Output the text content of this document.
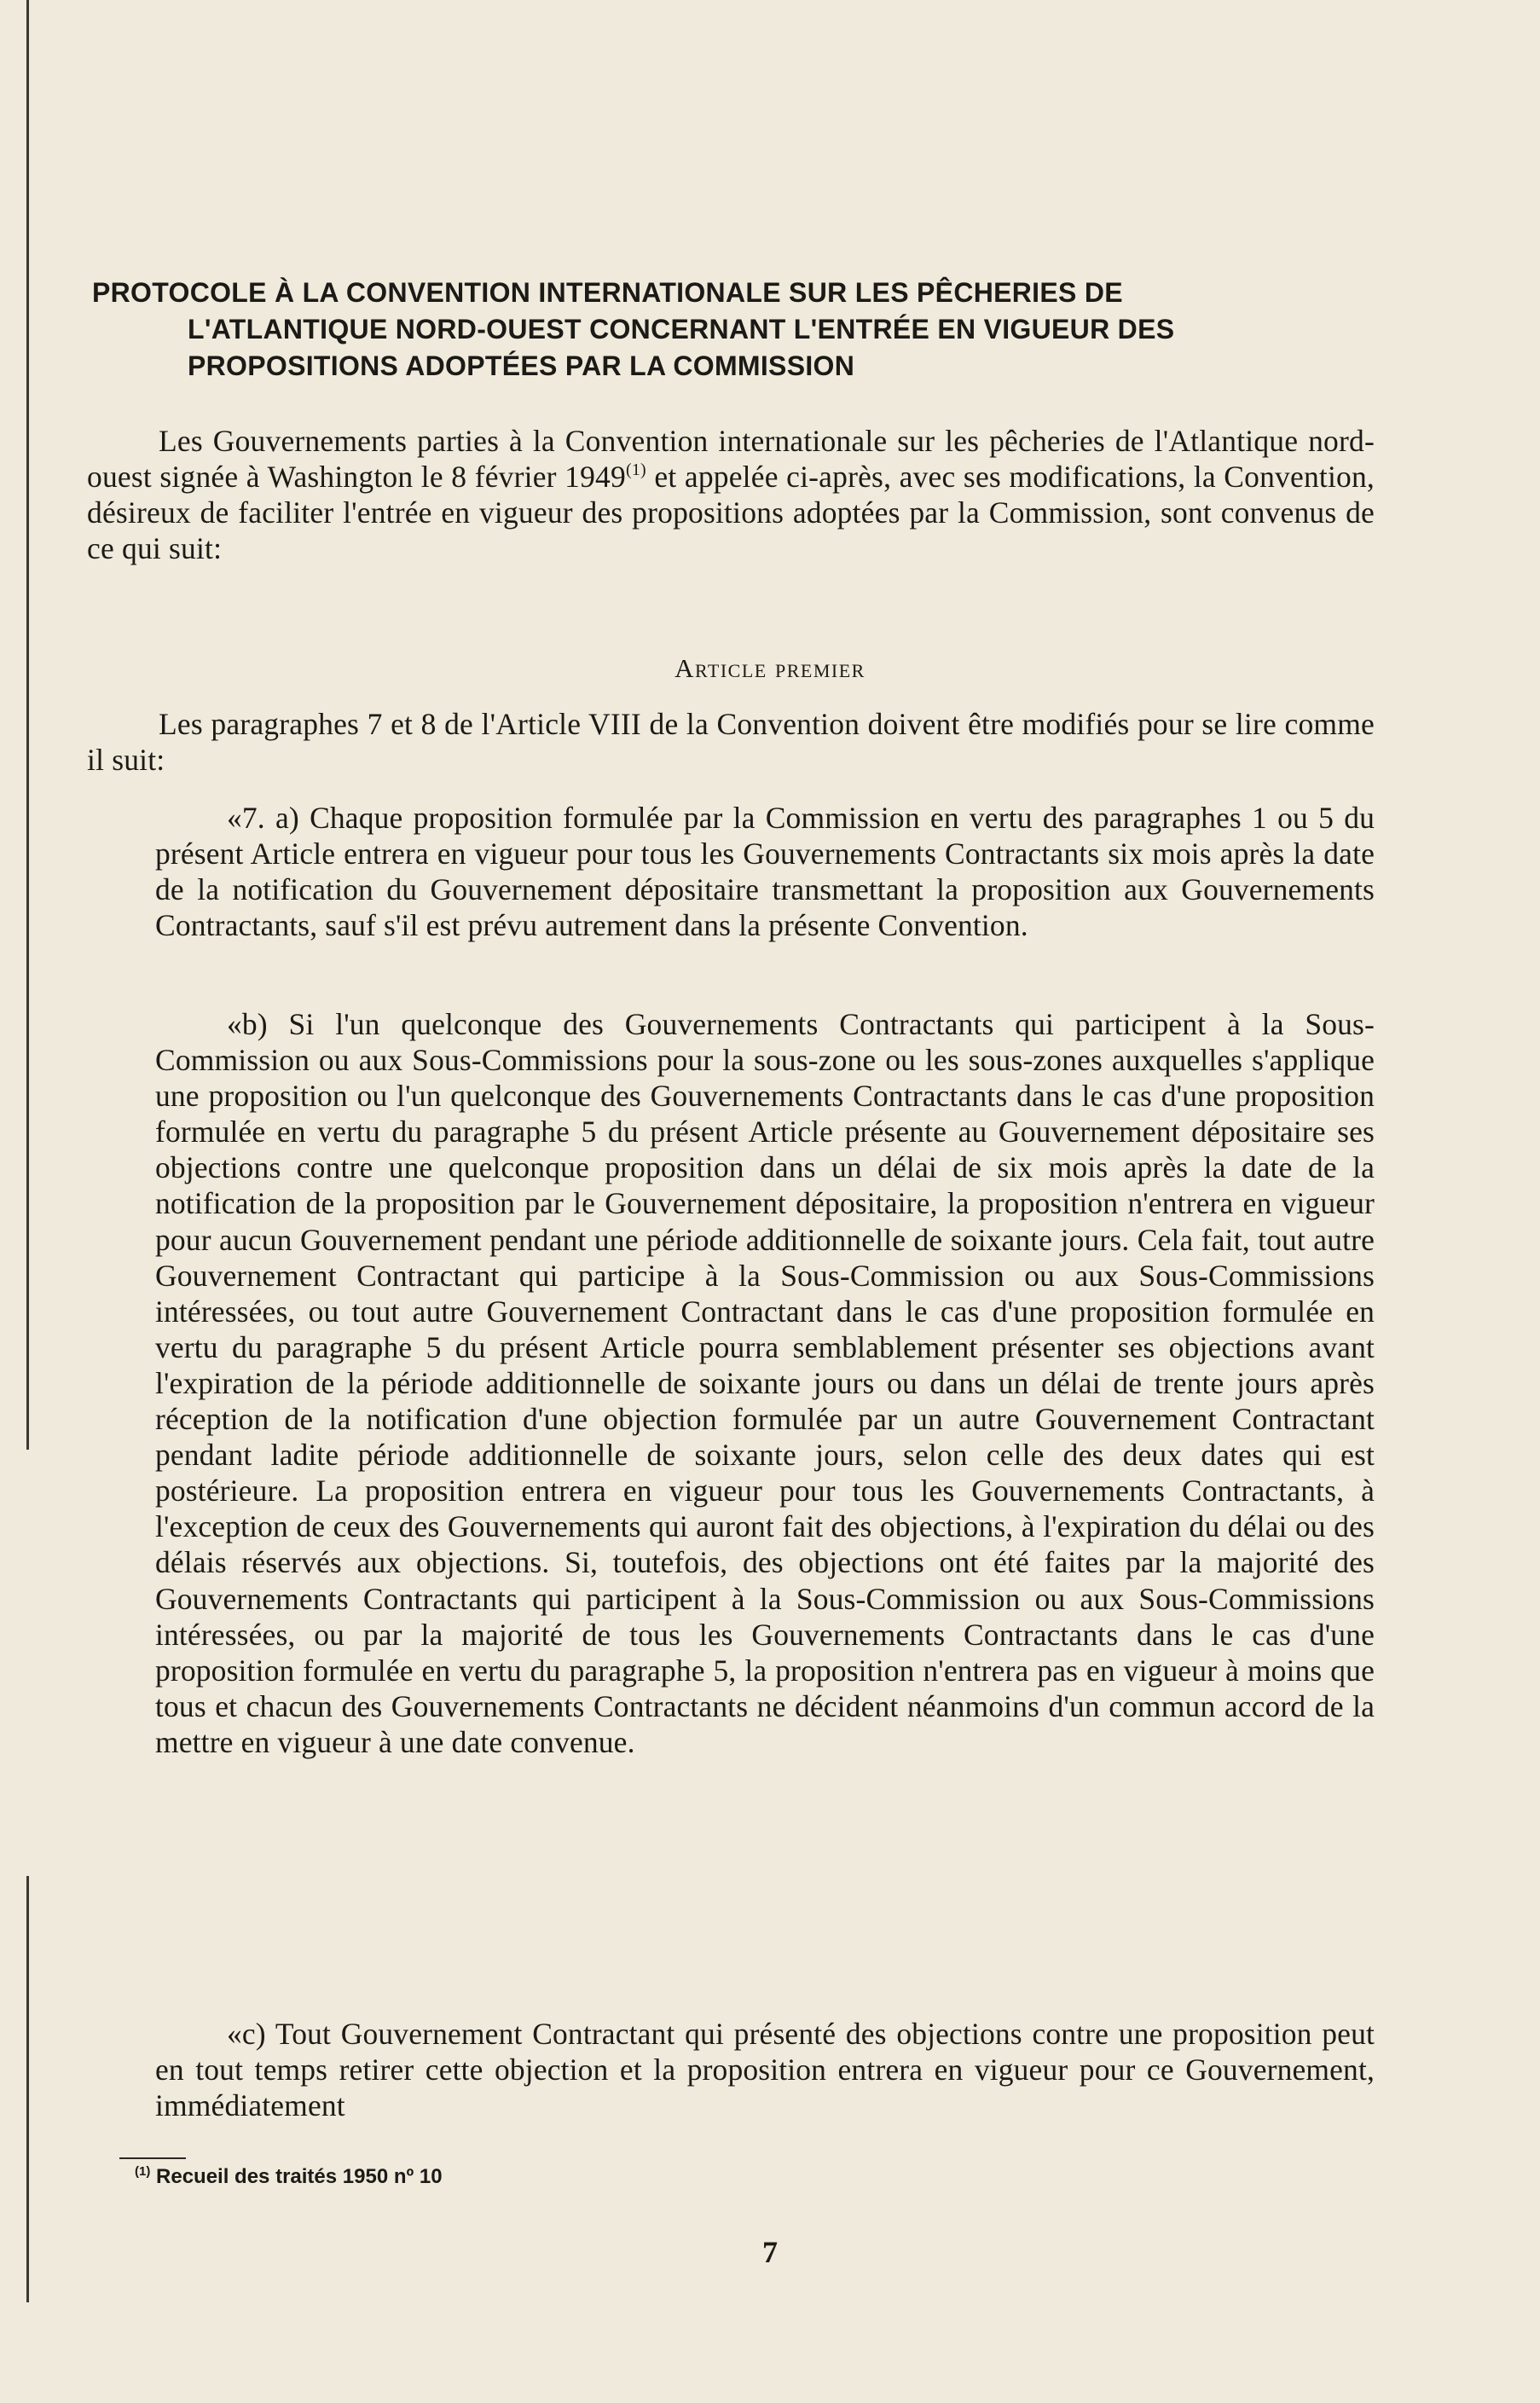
PROTOCOLE À LA CONVENTION INTERNATIONALE SUR LES PÊCHERIES DE
L'ATLANTIQUE NORD-OUEST CONCERNANT L'ENTRÉE EN VIGUEUR DES
PROPOSITIONS ADOPTÉES PAR LA COMMISSION

Les Gouvernements parties à la Convention internationale sur les pêcheries de l'Atlantique nord-ouest signée à Washington le 8 février 1949$^{(1)}$ et appelée ci-après, avec ses modifications, la Convention, désireux de faciliter l'entrée en vigueur des propositions adoptées par la Commission, sont convenus de ce qui suit:

Article premier

Les paragraphes 7 et 8 de l'Article VIII de la Convention doivent être modifiés pour se lire comme il suit:

«7. a) Chaque proposition formulée par la Commission en vertu des paragraphes 1 ou 5 du présent Article entrera en vigueur pour tous les Gouvernements Contractants six mois après la date de la notification du Gouvernement dépositaire transmettant la proposition aux Gouvernements Contractants, sauf s'il est prévu autrement dans la présente Convention.

«b) Si l'un quelconque des Gouvernements Contractants qui participent à la Sous-Commission ou aux Sous-Commissions pour la sous-zone ou les sous-zones auxquelles s'applique une proposition ou l'un quelconque des Gouvernements Contractants dans le cas d'une proposition formulée en vertu du paragraphe 5 du présent Article présente au Gouvernement dépositaire ses objections contre une quelconque proposition dans un délai de six mois après la date de la notification de la proposition par le Gouvernement dépositaire, la proposition n'entrera en vigueur pour aucun Gouvernement pendant une période additionnelle de soixante jours. Cela fait, tout autre Gouvernement Contractant qui participe à la Sous-Commission ou aux Sous-Commissions intéressées, ou tout autre Gouvernement Contractant dans le cas d'une proposition formulée en vertu du paragraphe 5 du présent Article pourra semblablement présenter ses objections avant l'expiration de la période additionnelle de soixante jours ou dans un délai de trente jours après réception de la notification d'une objection formulée par un autre Gouvernement Contractant pendant ladite période additionnelle de soixante jours, selon celle des deux dates qui est postérieure. La proposition entrera en vigueur pour tous les Gouvernements Contractants, à l'exception de ceux des Gouvernements qui auront fait des objections, à l'expiration du délai ou des délais réservés aux objections. Si, toutefois, des objections ont été faites par la majorité des Gouvernements Contractants qui participent à la Sous-Commission ou aux Sous-Commissions intéressées, ou par la majorité de tous les Gouvernements Contractants dans le cas d'une proposition formulée en vertu du paragraphe 5, la proposition n'entrera pas en vigueur à moins que tous et chacun des Gouvernements Contractants ne décident néanmoins d'un commun accord de la mettre en vigueur à une date convenue.

«c) Tout Gouvernement Contractant qui présenté des objections contre une proposition peut en tout temps retirer cette objection et la proposition entrera en vigueur pour ce Gouvernement, immédiatement

$^{(1)}$ Recueil des traités 1950 nº 10
7
